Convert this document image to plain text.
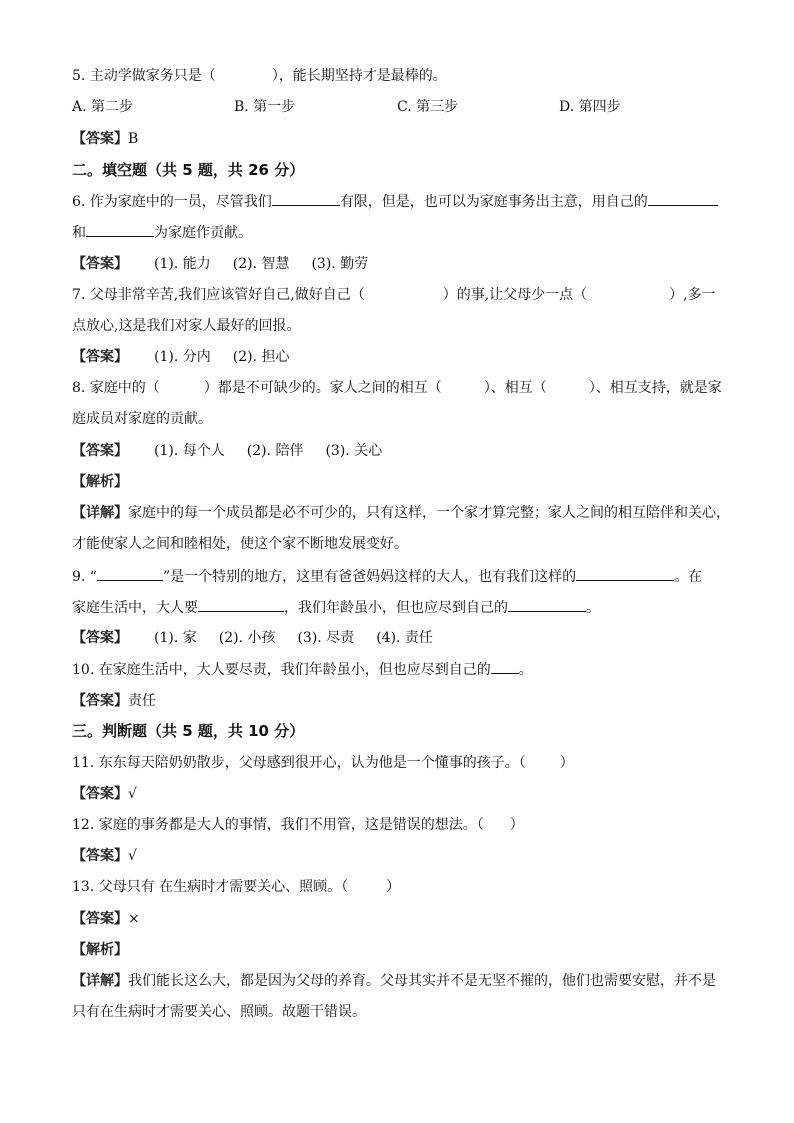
5. 主动学做家务只是（	），能长期坚持才是最棒的。
A. 第二步	B. 第一步	C. 第三步	D. 第四步
【答案】B
二。填空题（共 5 题，共 26 分）
6. 作为家庭中的一员，尽管我们	有限，但是，也可以为家庭事务出主意，用自己的
和	为家庭作贡献。
【答案】 (1). 能力 (2). 智慧 (3). 勤劳
7. 父母非常辛苦,我们应该管好自己,做好自己（	）的事,让父母少一点（	）,多一
点放心,这是我们对家人最好的回报。
【答案】 (1). 分内 (2). 担心
8. 家庭中的（	）都是不可缺少的。家人之间的相互（	）、相互（	）、相互支持，就是家
庭成员对家庭的贡献。
【答案】 (1). 每个人 (2). 陪伴 (3). 关心
【解析】
【详解】家庭中的每一个成员都是必不可少的，只有这样，一个家才算完整；家人之间的相互陪伴和关心，
才能使家人之间和睦相处，使这个家不断地发展变好。
9. “	”是一个特别的地方，这里有爸爸妈妈这样的大人，也有我们这样的	。在
家庭生活中，大人要	，我们年龄虽小，但也应尽到自己的	。
【答案】 (1). 家 (2). 小孩 (3). 尽责 (4). 责任
10. 在家庭生活中，大人要尽责，我们年龄虽小，但也应尽到自己的 。
【答案】责任
三。判断题（共 5 题，共 10 分）
11. 东东每天陪奶奶散步，父母感到很开心，认为他是一个懂事的孩子。（ ）
【答案】√
12. 家庭的事务都是大人的事情，我们不用管，这是错误的想法。（ ）
【答案】√
13. 父母只有 在生病时才需要关心、照顾。（	）
【答案】×
【解析】
【详解】我们能长这么大，都是因为父母的养育。父母其实并不是无坚不摧的，他们也需要安慰，并不是
只有在生病时才需要关心、照顾。故题干错误。
